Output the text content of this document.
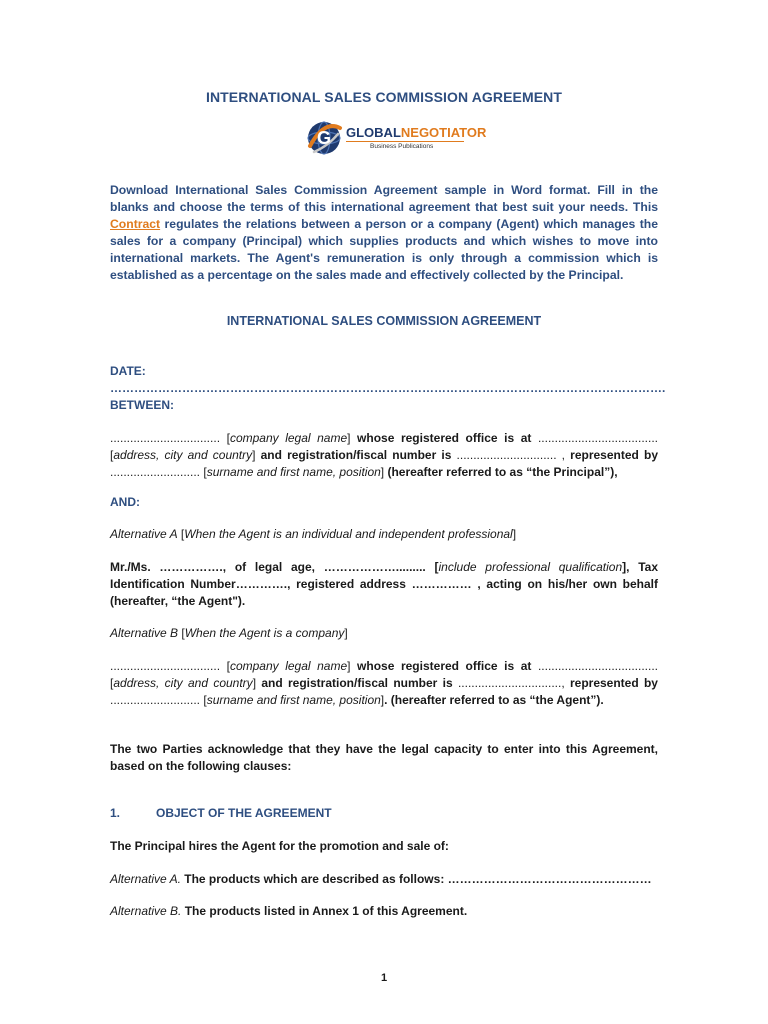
INTERNATIONAL SALES COMMISSION AGREEMENT
G GLOBALNEGOTIATOR
Business Publications
Download International Sales Commission Agreement sample in Word format. Fill in the blanks and choose the terms of this international agreement that best suit your needs. This Contract regulates the relations between a person or a company (Agent) which manages the sales for a company (Principal) which supplies products and which wishes to move into international markets. The Agent's remuneration is only through a commission which is established as a percentage on the sales made and effectively collected by the Principal.
INTERNATIONAL SALES COMMISSION AGREEMENT
DATE: ………………………………………………………………………………………………………………………….
BETWEEN:
................................. [company legal name] whose registered office is at .................................... [address, city and country] and registration/fiscal number is .............................. , represented by ........................... [surname and first name, position] (hereafter referred to as “the Principal”),
AND:
Alternative A [When the Agent is an individual and independent professional]
Mr./Ms. ……………., of legal age, ………………......... [include professional qualification], Tax Identification Number…………., registered address …………… , acting on his/her own behalf (hereafter, “the Agent").
Alternative B [When the Agent is a company]
................................. [company legal name] whose registered office is at .................................... [address, city and country] and registration/fiscal number is ..............................., represented by ........................... [surname and first name, position]. (hereafter referred to as “the Agent”).
The two Parties acknowledge that they have the legal capacity to enter into this Agreement, based on the following clauses:
1.	OBJECT OF THE AGREEMENT
The Principal hires the Agent for the promotion and sale of:
Alternative A. The products which are described as follows: ……………………………………………
Alternative B. The products listed in Annex 1 of this Agreement.
1
